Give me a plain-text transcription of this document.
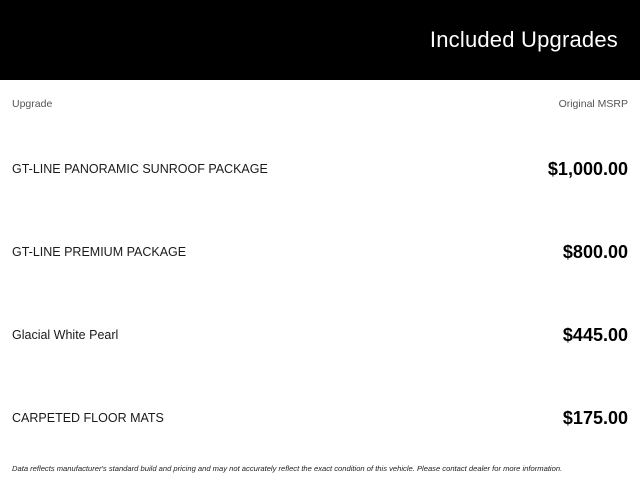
Included Upgrades
Upgrade	Original MSRP
GT-LINE PANORAMIC SUNROOF PACKAGE	$1,000.00
GT-LINE PREMIUM PACKAGE	$800.00
Glacial White Pearl	$445.00
CARPETED FLOOR MATS	$175.00
Data reflects manufacturer's standard build and pricing and may not accurately reflect the exact condition of this vehicle. Please contact dealer for more information.
